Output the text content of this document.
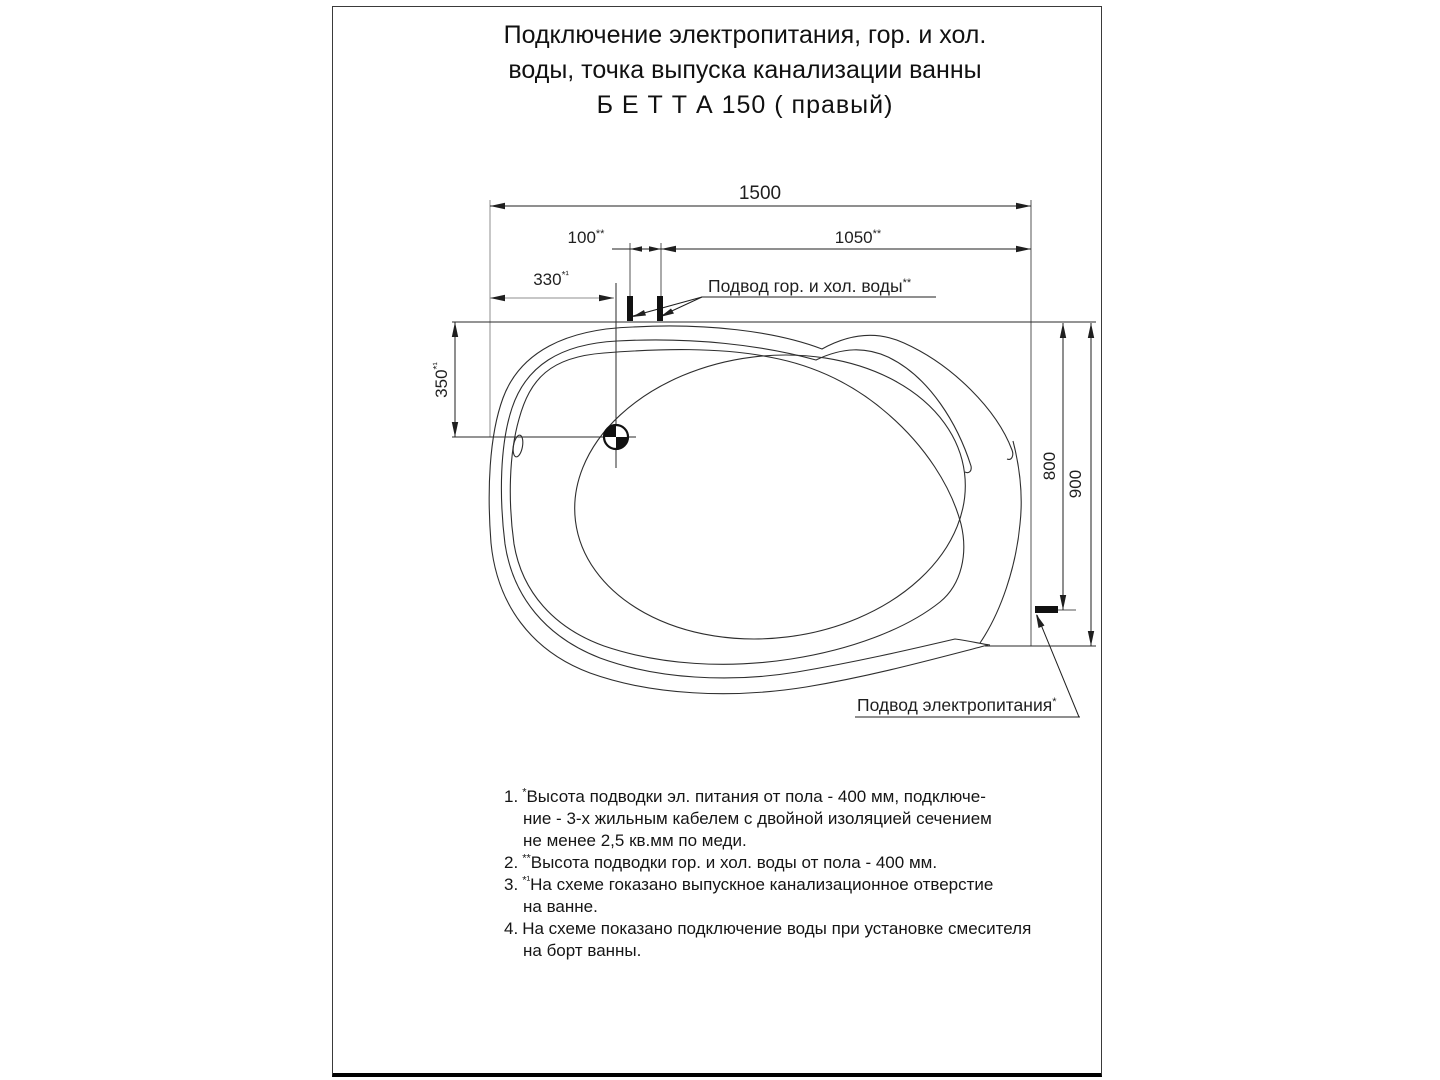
Подключение электропитания, гор. и хол.
воды, точка выпуска канализации ванны
Б Е Т Т А 150 ( правый)
1500
100**	1050**
$330^{*^1}$
$350^{*^1}$
800
900
Подвод гор. и хол. воды**
Подвод электропитания*
1. *Высота подводки эл. питания от пола - 400 мм, подключе-
ние - 3-х жильным кабелем с двойной изоляцией сечением
не менее 2,5 кв.мм по меди.
2. **Высота подводки гор. и хол. воды от пола - 400 мм.
3. $^{*^1}$На схеме гоказано выпускное канализационное отверстие
на ванне.
4. На схеме показано подключение воды при установке смесителя
на борт ванны.
